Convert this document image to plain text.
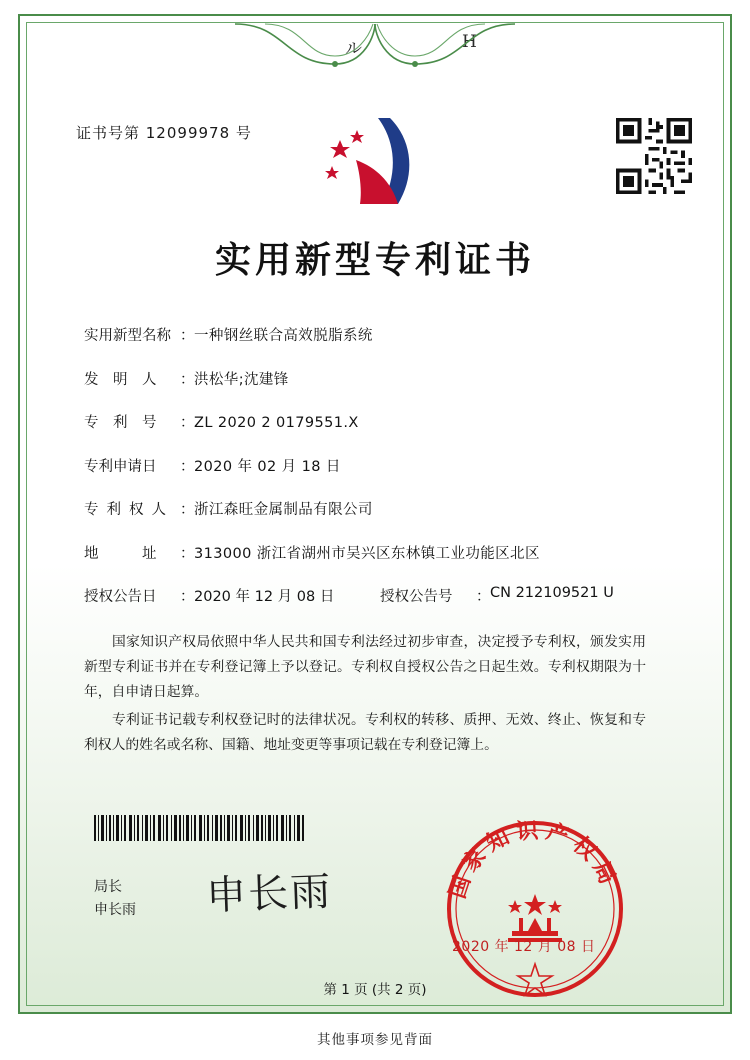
ル	H
证书号第 12099978 号
实用新型专利证书
实用新型名称 ： 一种钢丝联合高效脱脂系统
发　明　人	： 洪松华;沈建锋
专　利　号	： ZL 2020 2 0179551.X
专利申请日	： 2020 年 02 月 18 日
专利权人 ： 浙江森旺金属制品有限公司
地　　　址	： 313000 浙江省湖州市吴兴区东林镇工业功能区北区
授权公告日	： 2020 年 12 月 08 日	授权公告号	： CN 212109521 U

国家知识产权局依照中华人民共和国专利法经过初步审查，决定授予专利权，颁发实用新型专利证书并在专利登记簿上予以登记。专利权自授权公告之日起生效。专利权期限为十年，自申请日起算。

专利证书记载专利权登记时的法律状况。专利权的转移、质押、无效、终止、恢复和专利权人的姓名或名称、国籍、地址变更等事项记载在专利登记簿上。

局长
申长雨 申长雨	国家知识产权局
2020 年 12 月 08 日
第 1 页 (共 2 页)
其他事项参见背面
